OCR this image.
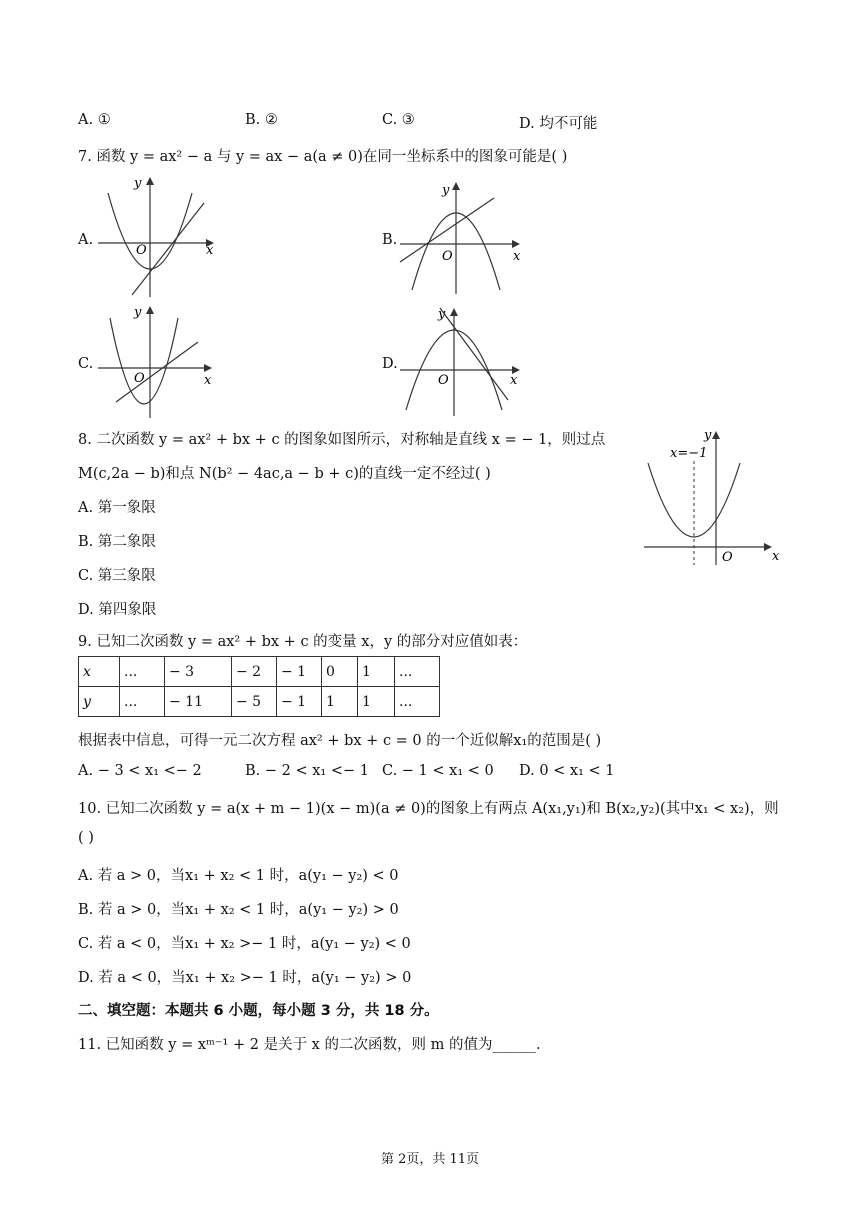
A. ①	B. ②	C. ③	D. 均不可能
7. 函数 y = ax² − a 与 y = ax − a(a ≠ 0)在同一坐标系中的图象可能是( )
A.
y
x
O
B.
y
x
O
C.
y
x
O
D.
y
x
O
8. 二次函数 y = ax² + bx + c 的图象如图所示，对称轴是直线 x = − 1，则过点
M(c,2a − b)和点 N(b² − 4ac,a − b + c)的直线一定不经过( )
A. 第一象限
B. 第二象限
C. 第三象限
D. 第四象限
y
x
O
x=−1
9. 已知二次函数 y = ax² + bx + c 的变量 x，y 的部分对应值如表：
x	...	− 3	− 2	− 1	0	1	...
y	...	− 11	− 5	− 1	1	1	...
根据表中信息，可得一元二次方程 ax² + bx + c = 0 的一个近似解x₁的范围是( )
A. − 3 < x₁ <− 2	B. − 2 < x₁ <− 1 C. − 1 < x₁ < 0 D. 0 < x₁ < 1
10. 已知二次函数 y = a(x + m − 1)(x − m)(a ≠ 0)的图象上有两点 A(x₁,y₁)和 B(x₂,y₂)(其中x₁ < x₂)，则
( )
A. 若 a > 0，当x₁ + x₂ < 1 时，a(y₁ − y₂) < 0
B. 若 a > 0，当x₁ + x₂ < 1 时，a(y₁ − y₂) > 0
C. 若 a < 0，当x₁ + x₂ >− 1 时，a(y₁ − y₂) < 0
D. 若 a < 0，当x₁ + x₂ >− 1 时，a(y₁ − y₂) > 0
二、填空题：本题共 6 小题，每小题 3 分，共 18 分。
11. 已知函数 y = xᵐ⁻¹ + 2 是关于 x 的二次函数，则 m 的值为______.
第 2页，共 11页
